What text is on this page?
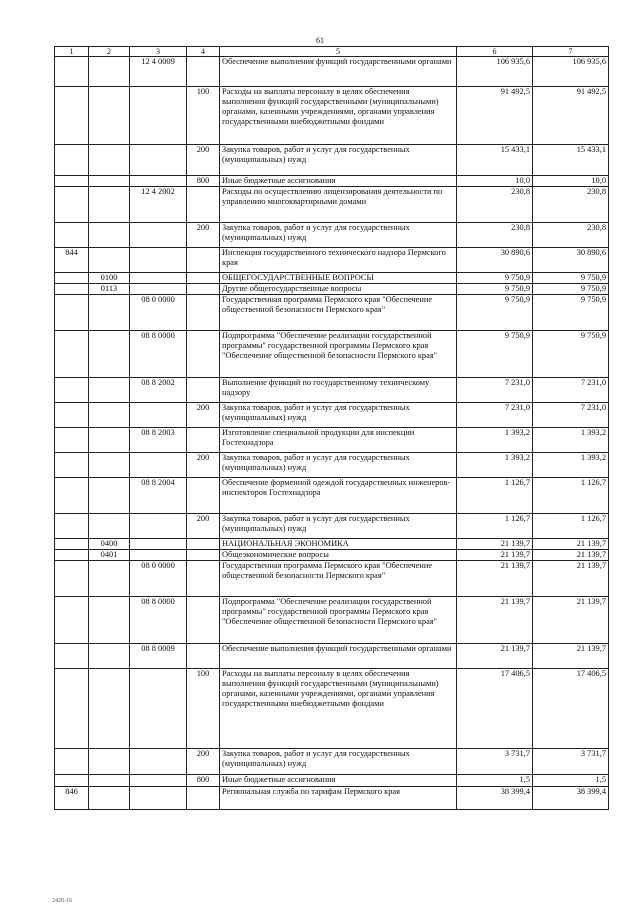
61
1	2	3	4	5	6	7
		12 4 0009		Обеспечение выполнения функций государственными органами	106 935,6	106 935,6
			100	Расходы на выплаты персоналу в целях обеспечения выполнения функций государственными (муниципальными) органами, казенными учреждениями, органами управления государственными внебюджетными фондами	91 492,5	91 492,5
			200	Закупка товаров, работ и услуг для государственных (муниципальных) нужд	15 433,1	15 433,1
			800	Иные бюджетные ассигнования	10,0	10,0
		12 4 2002		Расходы по осуществлению лицензирования деятельности по управлению многоквартирными домами	230,8	230,8
			200	Закупка товаров, работ и услуг для государственных (муниципальных) нужд	230,8	230,8
844				Инспекция государственного технического надзора Пермского края	30 890,6	30 890,6
	0100			ОБЩЕГОСУДАРСТВЕННЫЕ ВОПРОСЫ	9 750,9	9 750,9
	0113			Другие общегосударственные вопросы	9 750,9	9 750,9
		08 0 0000		Государственная программа Пермского края "Обеспечение общественной безопасности Пермского края"	9 750,9	9 750,9
		08 8 0000		Подпрограмма "Обеспечение реализации государственной программы" государственной программы Пермского края "Обеспечение общественной безопасности Пермского края"	9 750,9	9 750,9
		08 8 2002		Выполнение функций по государственному техническому надзору	7 231,0	7 231,0
			200	Закупка товаров, работ и услуг для государственных (муниципальных) нужд	7 231,0	7 231,0
		08 8 2003		Изготовление специальной продукции для инспекции Гостехнадзора	1 393,2	1 393,2
			200	Закупка товаров, работ и услуг для государственных (муниципальных) нужд	1 393,2	1 393,2
		08 8 2004		Обеспечение форменной одеждой государственных инженеров-инспекторов Гостехнадзора	1 126,7	1 126,7
			200	Закупка товаров, работ и услуг для государственных (муниципальных) нужд	1 126,7	1 126,7
	0400			НАЦИОНАЛЬНАЯ ЭКОНОМИКА	21 139,7	21 139,7
	0401			Общеэкономические вопросы	21 139,7	21 139,7
		08 0 0000		Государственная программа Пермского края "Обеспечение общественной безопасности Пермского края"	21 139,7	21 139,7
		08 8 0000		Подпрограмма "Обеспечение реализации государственной программы" государственной программы Пермского края "Обеспечение общественной безопасности Пермского края"	21 139,7	21 139,7
		08 8 0009		Обеспечение выполнения функций государственными органами	21 139,7	21 139,7
			100	Расходы на выплаты персоналу в целях обеспечения выполнения функций государственными (муниципальными) органами, казенными учреждениями, органами управления государственными внебюджетными фондами	17 406,5	17 406,5
			200	Закупка товаров, работ и услуг для государственных (муниципальных) нужд	3 731,7	3 731,7
			800	Иные бюджетные ассигнования	1,5	1,5
846				Региональная служба по тарифам Пермского края	38 399,4	38 399,4
2420-16
